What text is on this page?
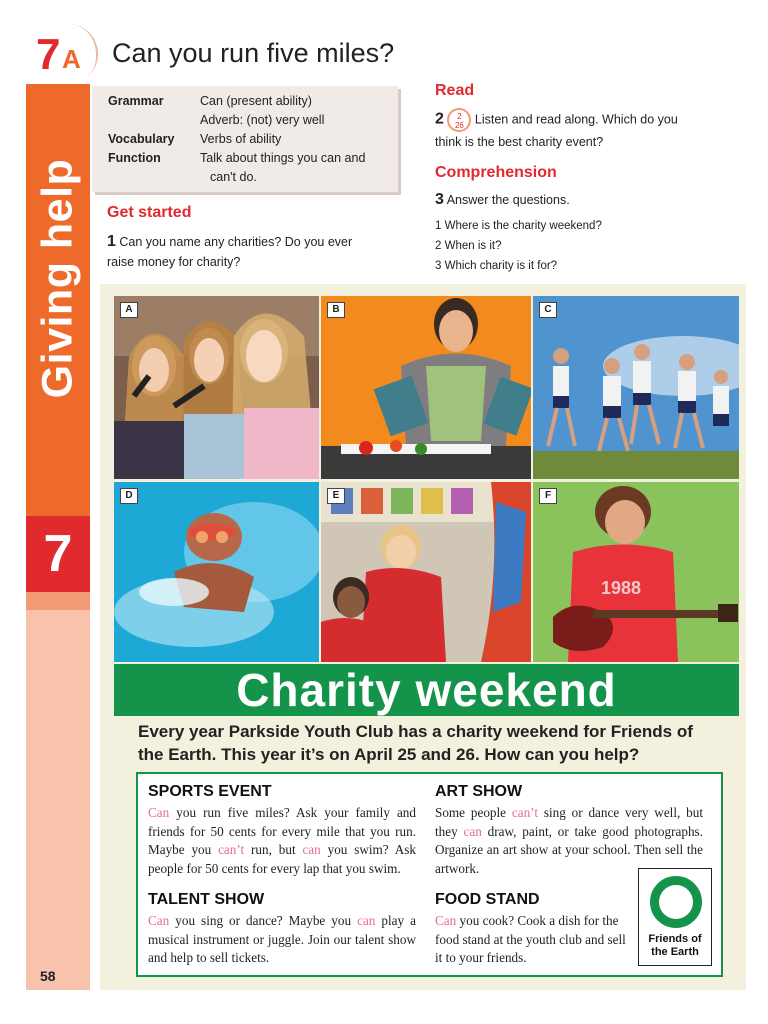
Giving help
7
58
7 A Can you run five miles?
Grammar	Can (present ability)
Adverb: (not) very well
Vocabulary Verbs of ability
Function	Talk about things you can and
can't do.
Get started
1 Can you name any charities? Do you ever
raise money for charity?
Read
2 2
26 Listen and read along. Which do you
think is the best charity event?
Comprehension
3 Answer the questions.
1 Where is the charity weekend?
2 When is it?
3 Which charity is it for?
A	B	C
D	E
1988
F
Charity weekend
Every year Parkside Youth Club has a charity weekend for Friends of
the Earth. This year it’s on April 25 and 26. How can you help?
SPORTS EVENT
Can you run five miles? Ask your family and friends for 50 cents for every mile that you run. Maybe you can’t run, but can you swim? Ask people for 50 cents for every lap that you swim.
ART SHOW
Some people can’t sing or dance very well, but they can draw, paint, or take good photographs. Organize an art show at your school. Then sell the artwork.
TALENT SHOW
Can you sing or dance? Maybe you can play a musical instrument or juggle. Join our talent show and help to sell tickets.
FOOD STAND
Can you cook? Cook a dish for the food stand at the youth club and sell it to your friends.
Friends of
the Earth
